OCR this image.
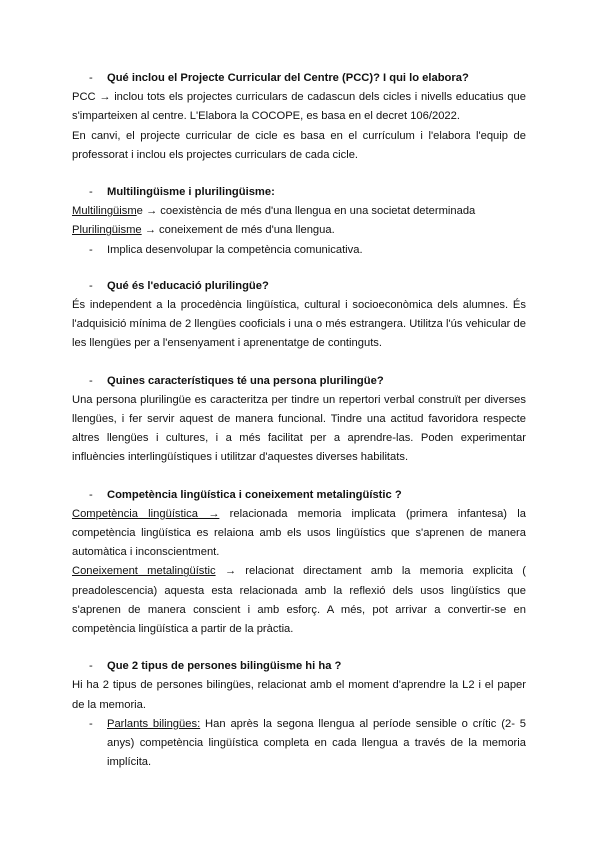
- Qué inclou el Projecte Curricular del Centre (PCC)? I qui lo elabora?
PCC → inclou tots els projectes curriculars de cadascun dels cicles i nivells educatius que s'imparteixen al centre. L'Elabora la COCOPE, es basa en el decret 106/2022.
En canvi, el projecte curricular de cicle es basa en el currículum i l'elabora l'equip de professorat i inclou els projectes curriculars de cada cicle.
- Multilingüisme i plurilingüisme:
Multilingüisme → coexistència de més d'una llengua en una societat determinada
Plurilingüisme → coneixement de més d'una llengua.
- Implica desenvolupar la competència comunicativa.
- Qué és l'educació plurilingüe?
És independent a la procedència lingüística, cultural i socioeconòmica dels alumnes. És l'adquisició mínima de 2 llengües cooficials i una o més estrangera. Utilitza l'ús vehicular de les llengües per a l'ensenyament i aprenentatge de continguts.
- Quines característiques té una persona plurilingüe?
Una persona plurilingüe es caracteritza per tindre un repertori verbal construït per diverses llengües, i fer servir aquest de manera funcional. Tindre una actitud favoridora respecte altres llengües i cultures, i a més facilitat per a aprendre-las. Poden experimentar influències interlingüístiques i utilitzar d'aquestes diverses habilitats.
- Competència lingüística i coneixement metalingüístic ?
Competència lingüística → relacionada memoria implicata (primera infantesa) la competència lingüística es relaiona amb els usos lingüístics que s'aprenen de manera automàtica i inconscientment.
Coneixement metalingüístic → relacionat directament amb la memoria explicita ( preadolescencia) aquesta esta relacionada amb la reflexió dels usos lingüístics que s'aprenen de manera conscient i amb esforç. A més, pot arrivar a convertir-se en competència lingüística a partir de la pràctia.
- Que 2 tipus de persones bilingüisme hi ha ?
Hi ha 2 tipus de persones bilingües, relacionat amb el moment d'aprendre la L2 i el paper de la memoria.
- Parlants bilingües: Han après la segona llengua al període sensible o crític (2- 5 anys) competència lingüística completa en cada llengua a través de la memoria implícita.
